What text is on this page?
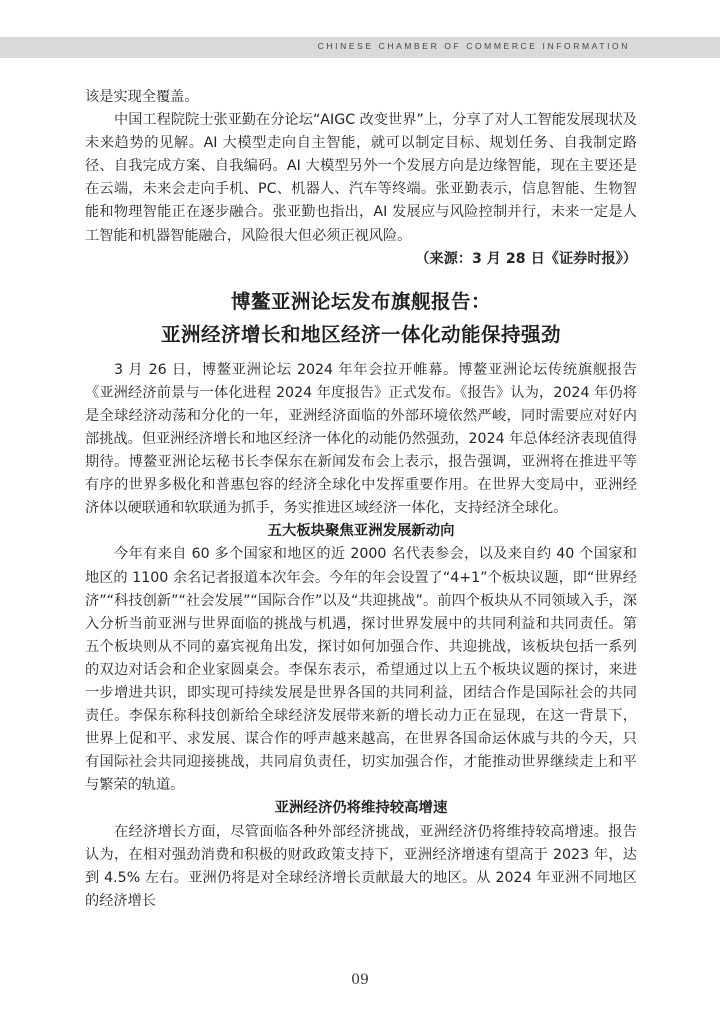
CHINESE CHAMBER OF COMMERCE INFORMATION

该是实现全覆盖。

中国工程院院士张亚勤在分论坛“AIGC 改变世界”上，分享了对人工智能发展现状及未来趋势的见解。AI 大模型走向自主智能，就可以制定目标、规划任务、自我制定路径、自我完成方案、自我编码。AI 大模型另外一个发展方向是边缘智能，现在主要还是在云端，未来会走向手机、PC、机器人、汽车等终端。张亚勤表示，信息智能、生物智能和物理智能正在逐步融合。张亚勤也指出，AI 发展应与风险控制并行，未来一定是人工智能和机器智能融合，风险很大但必须正视风险。
（来源：3 月 28 日《证券时报》）

博鳌亚洲论坛发布旗舰报告：
亚洲经济增长和地区经济一体化动能保持强劲

3 月 26 日，博鳌亚洲论坛 2024 年年会拉开帷幕。博鳌亚洲论坛传统旗舰报告《亚洲经济前景与一体化进程 2024 年度报告》正式发布。《报告》认为，2024 年仍将是全球经济动荡和分化的一年，亚洲经济面临的外部环境依然严峻，同时需要应对好内部挑战。但亚洲经济增长和地区经济一体化的动能仍然强劲，2024 年总体经济表现值得期待。博鳌亚洲论坛秘书长李保东在新闻发布会上表示，报告强调，亚洲将在推进平等有序的世界多极化和普惠包容的经济全球化中发挥重要作用。在世界大变局中，亚洲经济体以硬联通和软联通为抓手，务实推进区域经济一体化，支持经济全球化。

五大板块聚焦亚洲发展新动向

今年有来自 60 多个国家和地区的近 2000 名代表参会，以及来自约 40 个国家和地区的 1100 余名记者报道本次年会。今年的年会设置了“4+1”个板块议题，即“世界经济”“科技创新”“社会发展”“国际合作”以及“共迎挑战”。前四个板块从不同领域入手，深入分析当前亚洲与世界面临的挑战与机遇，探讨世界发展中的共同利益和共同责任。第五个板块则从不同的嘉宾视角出发，探讨如何加强合作、共迎挑战，该板块包括一系列的双边对话会和企业家圆桌会。李保东表示，希望通过以上五个板块议题的探讨，来进一步增进共识，即实现可持续发展是世界各国的共同利益，团结合作是国际社会的共同责任。李保东称科技创新给全球经济发展带来新的增长动力正在显现，在这一背景下，世界上促和平、求发展、谋合作的呼声越来越高，在世界各国命运休戚与共的今天，只有国际社会共同迎接挑战，共同肩负责任，切实加强合作，才能推动世界继续走上和平与繁荣的轨道。

亚洲经济仍将维持较高增速

在经济增长方面，尽管面临各种外部经济挑战，亚洲经济仍将维持较高增速。报告认为，在相对强劲消费和积极的财政政策支持下，亚洲经济增速有望高于 2023 年，达到 4.5% 左右。亚洲仍将是对全球经济增长贡献最大的地区。从 2024 年亚洲不同地区的经济增长

09
